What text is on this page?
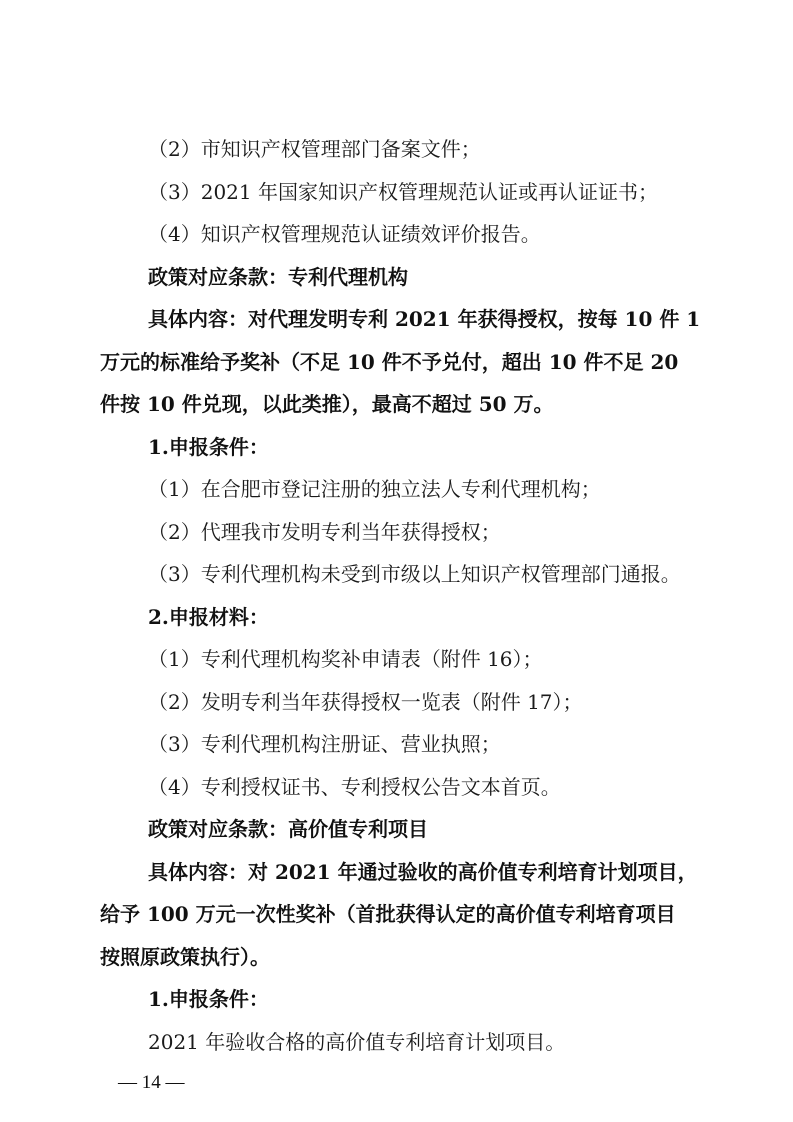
（2）市知识产权管理部门备案文件；
（3）2021 年国家知识产权管理规范认证或再认证证书；
（4）知识产权管理规范认证绩效评价报告。
政策对应条款：专利代理机构
具体内容：对代理发明专利 2021 年获得授权，按每 10 件 1
万元的标准给予奖补（不足 10 件不予兑付，超出 10 件不足 20
件按 10 件兑现，以此类推），最高不超过 50 万。
1.申报条件：
（1）在合肥市登记注册的独立法人专利代理机构；
（2）代理我市发明专利当年获得授权；
（3）专利代理机构未受到市级以上知识产权管理部门通报。
2.申报材料：
（1）专利代理机构奖补申请表（附件 16）；
（2）发明专利当年获得授权一览表（附件 17）；
（3）专利代理机构注册证、营业执照；
（4）专利授权证书、专利授权公告文本首页。
政策对应条款：高价值专利项目
具体内容：对 2021 年通过验收的高价值专利培育计划项目，
给予 100 万元一次性奖补（首批获得认定的高价值专利培育项目
按照原政策执行）。
1.申报条件：
2021 年验收合格的高价值专利培育计划项目。
— 14 —
